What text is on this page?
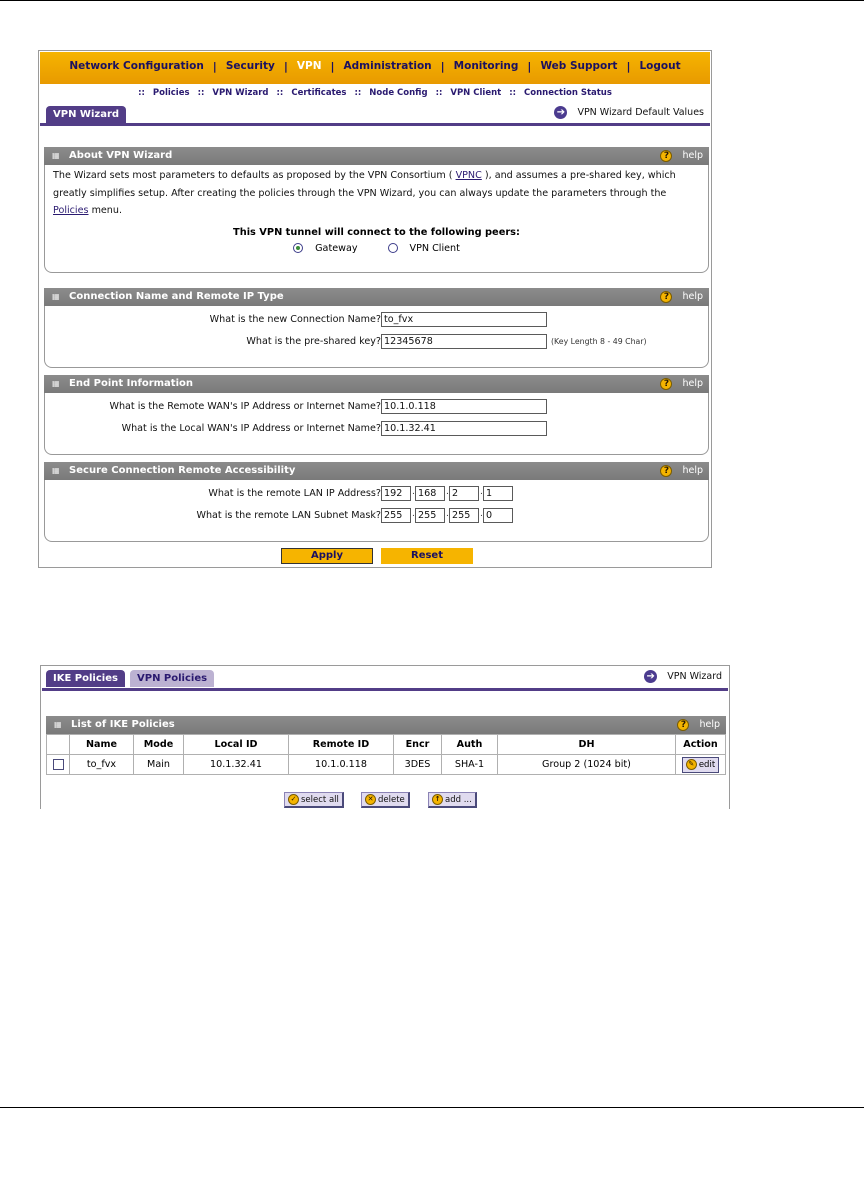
Network Configuration | Security | VPN | Administration | Monitoring | Web Support | Logout
:: Policies :: VPN Wizard :: Certificates :: Node Config :: VPN Client :: Connection Status
VPN Wizard	➔ VPN Wizard Default Values
▦ About VPN Wizard	?	help
The Wizard sets most parameters to defaults as proposed by the VPN Consortium ( VPNC ), and assumes a pre-shared key, which greatly simplifies setup. After creating the policies through the VPN Wizard, you can always update the parameters through the Policies menu.
This VPN tunnel will connect to the following peers:
Gateway	VPN Client
▦ Connection Name and Remote IP Type	?	help
What is the new Connection Name? to_fvx
What is the pre-shared key? 12345678	(Key Length 8 - 49 Char)
▦ End Point Information	?	help
What is the Remote WAN's IP Address or Internet Name? 10.1.0.118
What is the Local WAN's IP Address or Internet Name? 10.1.32.41
▦ Secure Connection Remote Accessibility	?	help
What is the remote LAN IP Address? 192	. 168	. 2	. 1
What is the remote LAN Subnet Mask? 255	. 255	. 255	. 0
Apply	Reset
IKE Policies	VPN Policies	➔ VPN Wizard
▦ List of IKE Policies	?	help
	Name	Mode	Local ID	Remote ID	Encr	Auth	DH	Action
	to_fvx	Main	10.1.32.41	10.1.0.118	3DES	SHA-1	Group 2 (1024 bit)	✎ edit
✓ select all	✕ delete	↑ add ...
